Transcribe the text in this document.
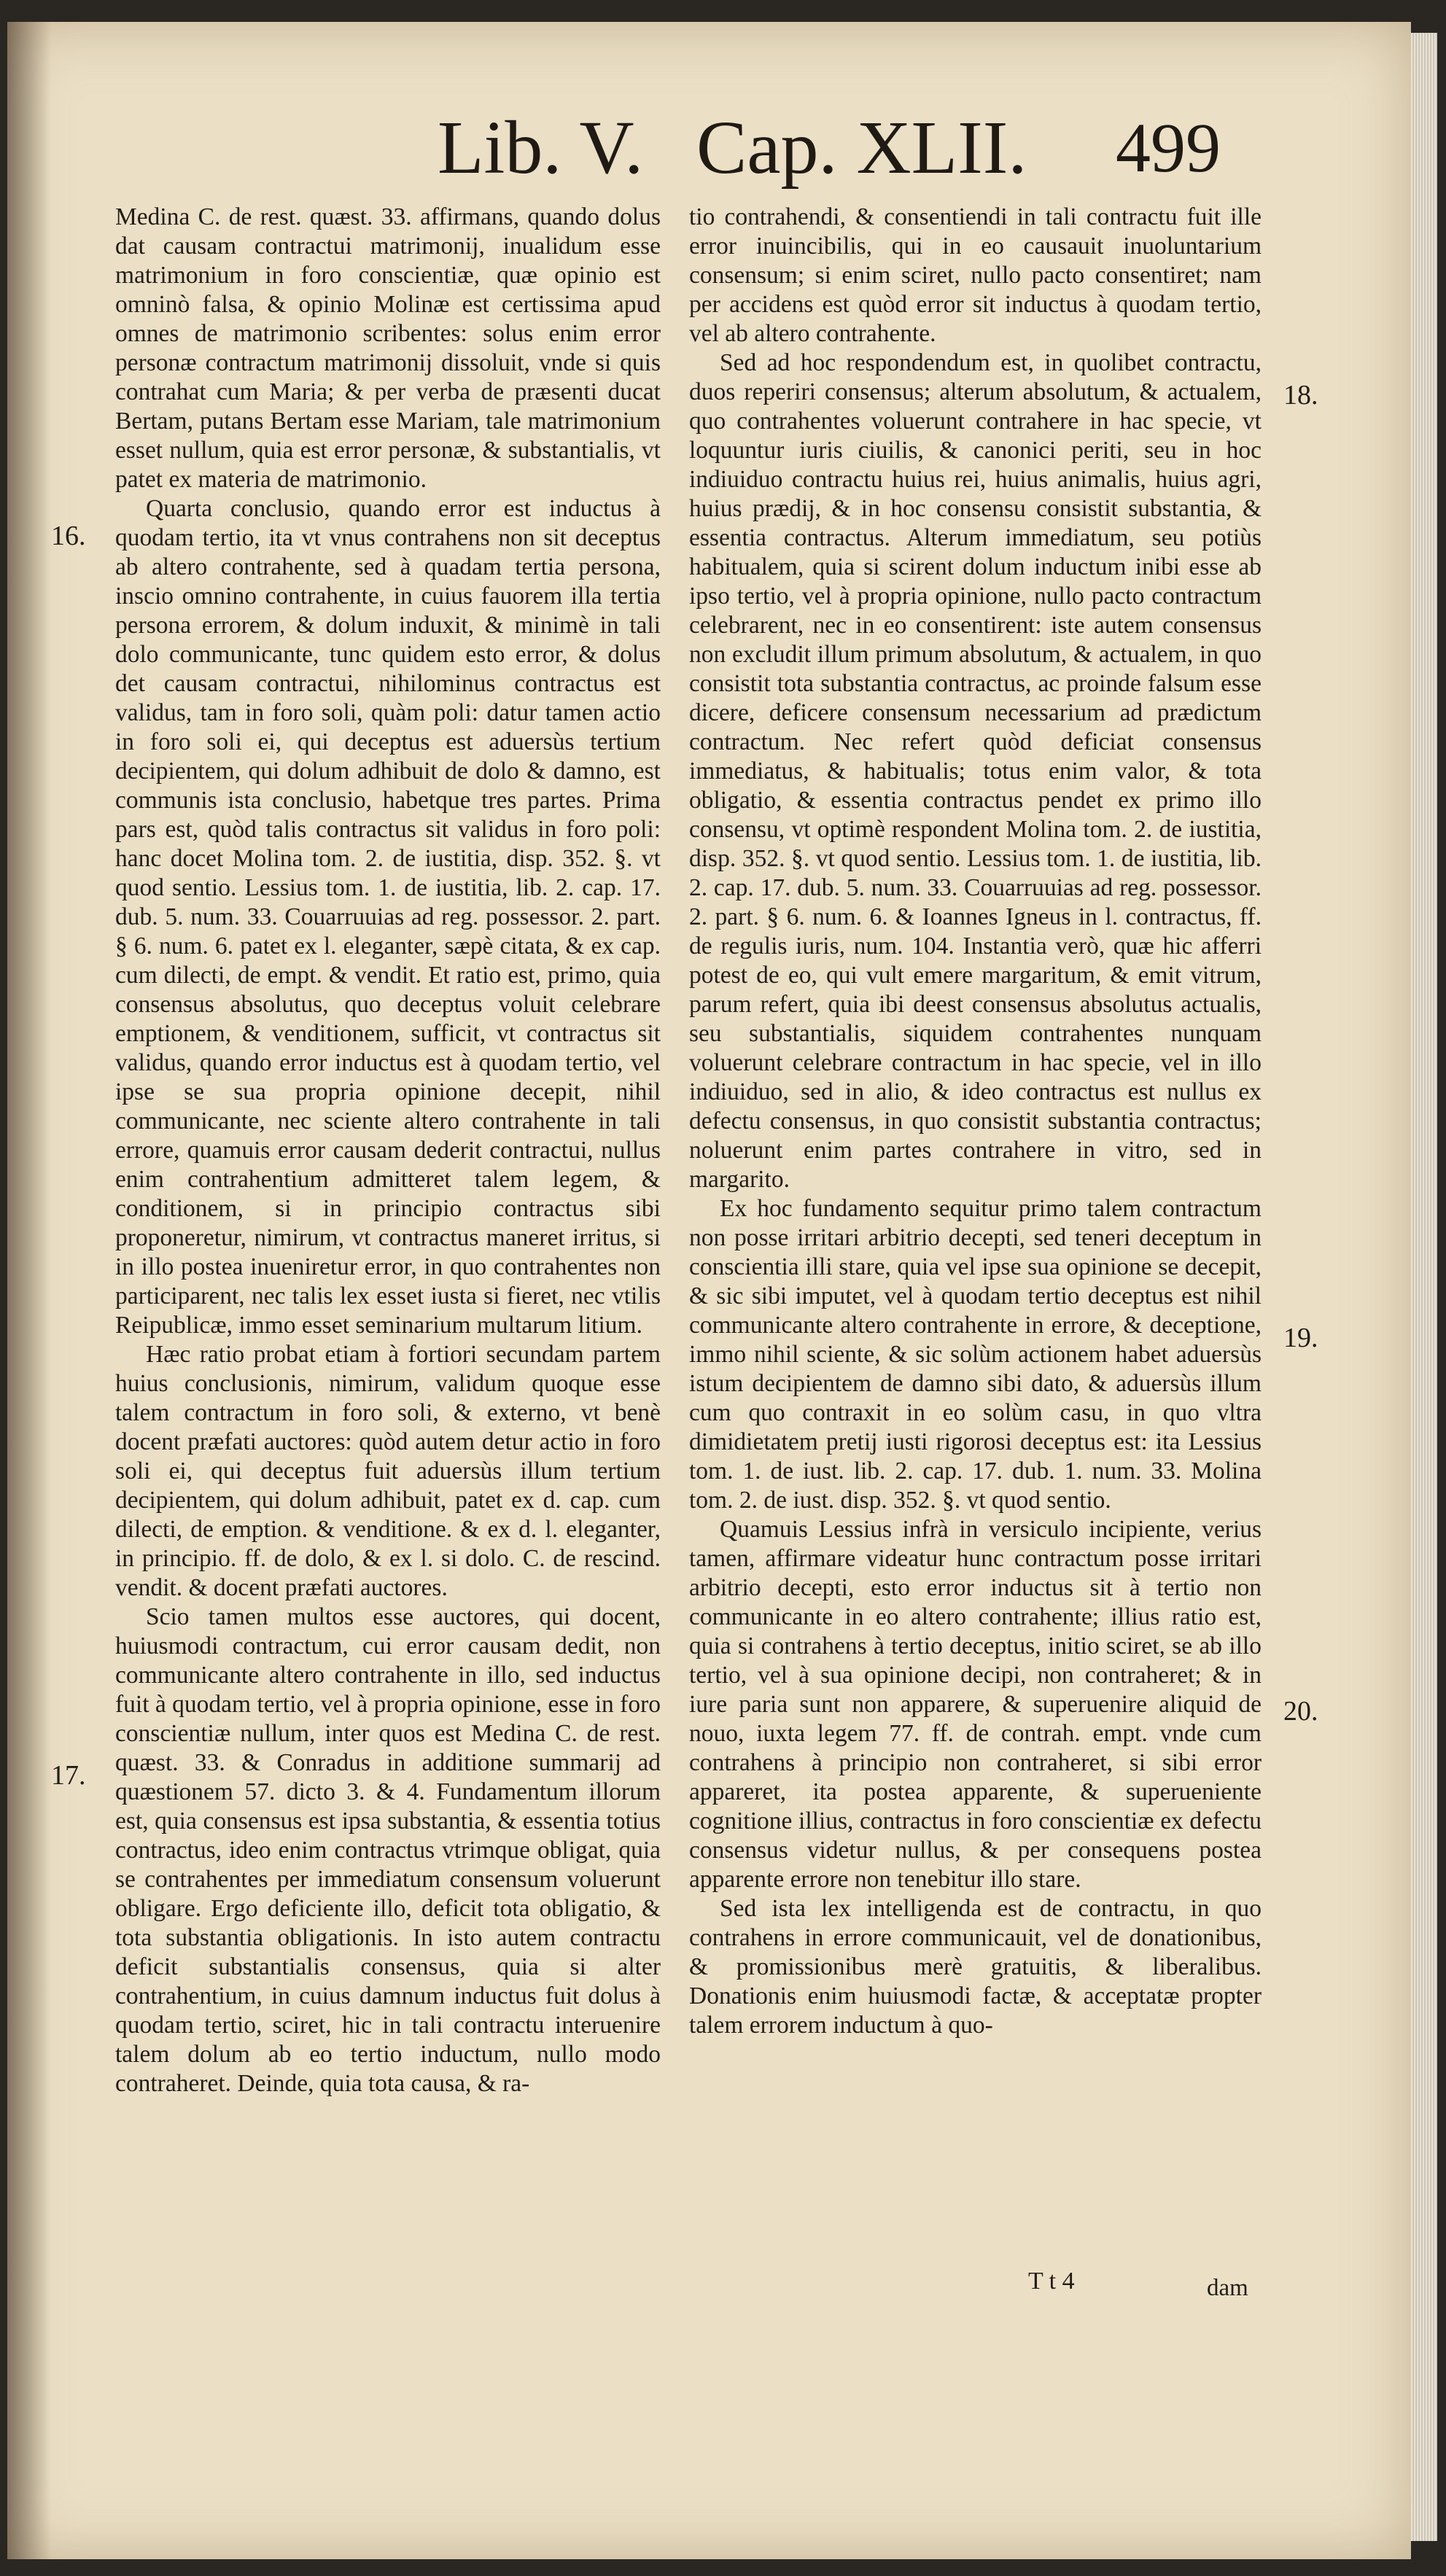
Lib. V. Cap. XLII. 499
16.
17.
18.
19.
20.

Medina C. de rest. quæst. 33. affirmans, quando dolus dat causam contractui matrimonij, inualidum esse matrimonium in foro conscientiæ, quæ opinio est omninò falsa, & opinio Molinæ est certissima apud omnes de matrimonio scribentes: solus enim error personæ contractum matrimonij dissoluit, vnde si quis contrahat cum Maria; & per verba de præsenti ducat Bertam, putans Bertam esse Mariam, tale matrimonium esset nullum, quia est error personæ, & substantialis, vt patet ex materia de matrimonio.

Quarta conclusio, quando error est inductus à quodam tertio, ita vt vnus contrahens non sit deceptus ab altero contrahente, sed à quadam tertia persona, inscio omnino contrahente, in cuius fauorem illa tertia persona errorem, & dolum induxit, & minimè in tali dolo communicante, tunc quidem esto error, & dolus det causam contractui, nihilominus contractus est validus, tam in foro soli, quàm poli: datur tamen actio in foro soli ei, qui deceptus est aduersùs tertium decipientem, qui dolum adhibuit de dolo & damno, est communis ista conclusio, habetque tres partes. Prima pars est, quòd talis contractus sit validus in foro poli: hanc docet Molina tom. 2. de iustitia, disp. 352. §. vt quod sentio. Lessius tom. 1. de iustitia, lib. 2. cap. 17. dub. 5. num. 33. Couarruuias ad reg. possessor. 2. part. § 6. num. 6. patet ex l. eleganter, sæpè citata, & ex cap. cum dilecti, de empt. & vendit. Et ratio est, primo, quia consensus absolutus, quo deceptus voluit celebrare emptionem, & venditionem, sufficit, vt contractus sit validus, quando error inductus est à quodam tertio, vel ipse se sua propria opinione decepit, nihil communicante, nec sciente altero contrahente in tali errore, quamuis error causam dederit contractui, nullus enim contrahentium admitteret talem legem, & conditionem, si in principio contractus sibi proponeretur, nimirum, vt contractus maneret irritus, si in illo postea inueniretur error, in quo contrahentes non participarent, nec talis lex esset iusta si fieret, nec vtilis Reipublicæ, immo esset seminarium multarum litium.

Hæc ratio probat etiam à fortiori secundam partem huius conclusionis, nimirum, validum quoque esse talem contractum in foro soli, & externo, vt benè docent præfati auctores: quòd autem detur actio in foro soli ei, qui deceptus fuit aduersùs illum tertium decipientem, qui dolum adhibuit, patet ex d. cap. cum dilecti, de emption. & venditione. & ex d. l. eleganter, in principio. ff. de dolo, & ex l. si dolo. C. de rescind. vendit. & docent præfati auctores.

Scio tamen multos esse auctores, qui docent, huiusmodi contractum, cui error causam dedit, non communicante altero contrahente in illo, sed inductus fuit à quodam tertio, vel à propria opinione, esse in foro conscientiæ nullum, inter quos est Medina C. de rest. quæst. 33. & Conradus in additione summarij ad quæstionem 57. dicto 3. & 4. Fundamentum illorum est, quia consensus est ipsa substantia, & essentia totius contractus, ideo enim contractus vtrimque obligat, quia se contrahentes per immediatum consensum voluerunt obligare. Ergo deficiente illo, deficit tota obligatio, & tota substantia obligationis. In isto autem contractu deficit substantialis consensus, quia si alter contrahentium, in cuius damnum inductus fuit dolus à quodam tertio, sciret, hic in tali contractu interuenire talem dolum ab eo tertio inductum, nullo modo contraheret. Deinde, quia tota causa, & ra-

tio contrahendi, & consentiendi in tali contractu fuit ille error inuincibilis, qui in eo causauit inuoluntarium consensum; si enim sciret, nullo pacto consentiret; nam per accidens est quòd error sit inductus à quodam tertio, vel ab altero contrahente.

Sed ad hoc respondendum est, in quolibet contractu, duos reperiri consensus; alterum absolutum, & actualem, quo contrahentes voluerunt contrahere in hac specie, vt loquuntur iuris ciuilis, & canonici periti, seu in hoc indiuiduo contractu huius rei, huius animalis, huius agri, huius prædij, & in hoc consensu consistit substantia, & essentia contractus. Alterum immediatum, seu potiùs habitualem, quia si scirent dolum inductum inibi esse ab ipso tertio, vel à propria opinione, nullo pacto contractum celebrarent, nec in eo consentirent: iste autem consensus non excludit illum primum absolutum, & actualem, in quo consistit tota substantia contractus, ac proinde falsum esse dicere, deficere consensum necessarium ad prædictum contractum. Nec refert quòd deficiat consensus immediatus, & habitualis; totus enim valor, & tota obligatio, & essentia contractus pendet ex primo illo consensu, vt optimè respondent Molina tom. 2. de iustitia, disp. 352. §. vt quod sentio. Lessius tom. 1. de iustitia, lib. 2. cap. 17. dub. 5. num. 33. Couarruuias ad reg. possessor. 2. part. § 6. num. 6. & Ioannes Igneus in l. contractus, ff. de regulis iuris, num. 104. Instantia verò, quæ hic afferri potest de eo, qui vult emere margaritum, & emit vitrum, parum refert, quia ibi deest consensus absolutus actualis, seu substantialis, siquidem contrahentes nunquam voluerunt celebrare contractum in hac specie, vel in illo indiuiduo, sed in alio, & ideo contractus est nullus ex defectu consensus, in quo consistit substantia contractus; noluerunt enim partes contrahere in vitro, sed in margarito.

Ex hoc fundamento sequitur primo talem contractum non posse irritari arbitrio decepti, sed teneri deceptum in conscientia illi stare, quia vel ipse sua opinione se decepit, & sic sibi imputet, vel à quodam tertio deceptus est nihil communicante altero contrahente in errore, & deceptione, immo nihil sciente, & sic solùm actionem habet aduersùs istum decipientem de damno sibi dato, & aduersùs illum cum quo contraxit in eo solùm casu, in quo vltra dimidietatem pretij iusti rigorosi deceptus est: ita Lessius tom. 1. de iust. lib. 2. cap. 17. dub. 1. num. 33. Molina tom. 2. de iust. disp. 352. §. vt quod sentio.

Quamuis Lessius infrà in versiculo incipiente, verius tamen, affirmare videatur hunc contractum posse irritari arbitrio decepti, esto error inductus sit à tertio non communicante in eo altero contrahente; illius ratio est, quia si contrahens à tertio deceptus, initio sciret, se ab illo tertio, vel à sua opinione decipi, non contraheret; & in iure paria sunt non apparere, & superuenire aliquid de nouo, iuxta legem 77. ff. de contrah. empt. vnde cum contrahens à principio non contraheret, si sibi error appareret, ita postea apparente, & superueniente cognitione illius, contractus in foro conscientiæ ex defectu consensus videtur nullus, & per consequens postea apparente errore non tenebitur illo stare.

Sed ista lex intelligenda est de contractu, in quo contrahens in errore communicauit, vel de donationibus, & promissionibus merè gratuitis, & liberalibus. Donationis enim huiusmodi factæ, & acceptatæ propter talem errorem inductum à quo-

T t 4	dam
